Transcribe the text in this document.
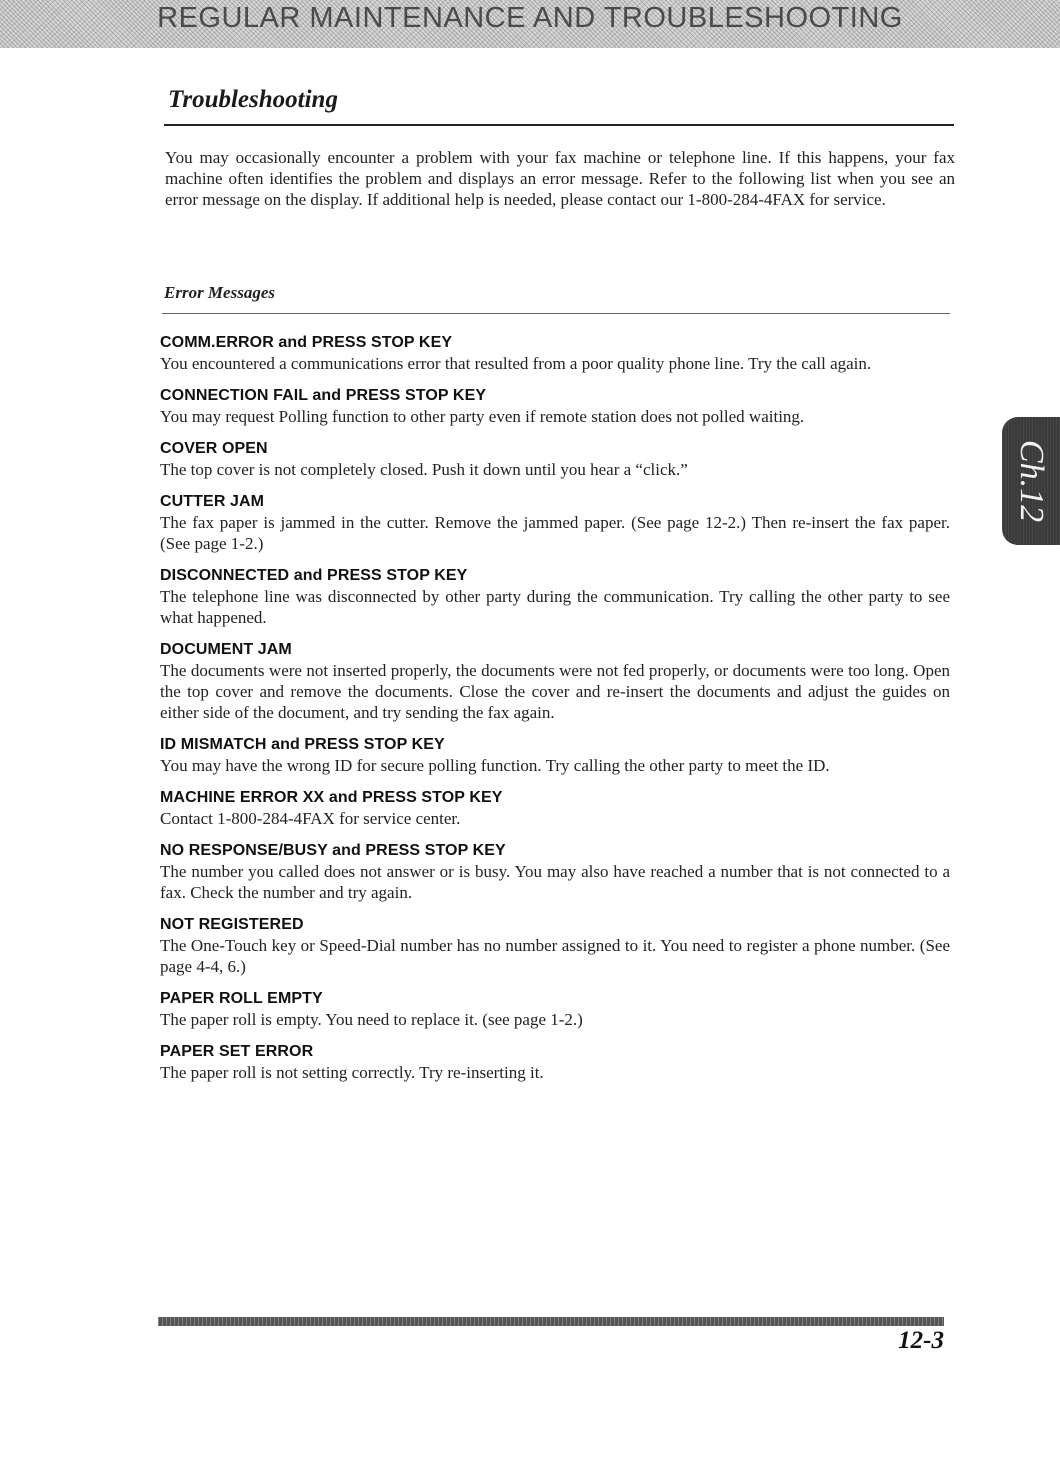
REGULAR MAINTENANCE AND TROUBLESHOOTING
Troubleshooting

You may occasionally encounter a problem with your fax machine or telephone line. If this happens, your fax machine often identifies the problem and displays an error message. Refer to the following list when you see an error message on the display. If additional help is needed, please contact our 1-800-284-4FAX for service.

Error Messages
COMM.ERROR and PRESS STOP KEY
You encountered a communications error that resulted from a poor quality phone line. Try the call again.
CONNECTION FAIL and PRESS STOP KEY
You may request Polling function to other party even if remote station does not polled waiting.
COVER OPEN
The top cover is not completely closed. Push it down until you hear a “click.”
CUTTER JAM
The fax paper is jammed in the cutter. Remove the jammed paper. (See page 12-2.) Then re-insert the fax paper. (See page 1-2.)
DISCONNECTED and PRESS STOP KEY
The telephone line was disconnected by other party during the communication. Try calling the other party to see what happened.
DOCUMENT JAM
The documents were not inserted properly, the documents were not fed properly, or documents were too long. Open the top cover and remove the documents. Close the cover and re-insert the documents and adjust the guides on either side of the document, and try sending the fax again.
ID MISMATCH and PRESS STOP KEY
You may have the wrong ID for secure polling function. Try calling the other party to meet the ID.
MACHINE ERROR XX and PRESS STOP KEY
Contact 1-800-284-4FAX for service center.
NO RESPONSE/BUSY and PRESS STOP KEY
The number you called does not answer or is busy. You may also have reached a number that is not connected to a fax. Check the number and try again.
NOT REGISTERED
The One-Touch key or Speed-Dial number has no number assigned to it. You need to register a phone number. (See page 4-4, 6.)
PAPER ROLL EMPTY
The paper roll is empty. You need to replace it. (see page 1-2.)
PAPER SET ERROR
The paper roll is not setting correctly. Try re-inserting it.
Ch.12
12-3
